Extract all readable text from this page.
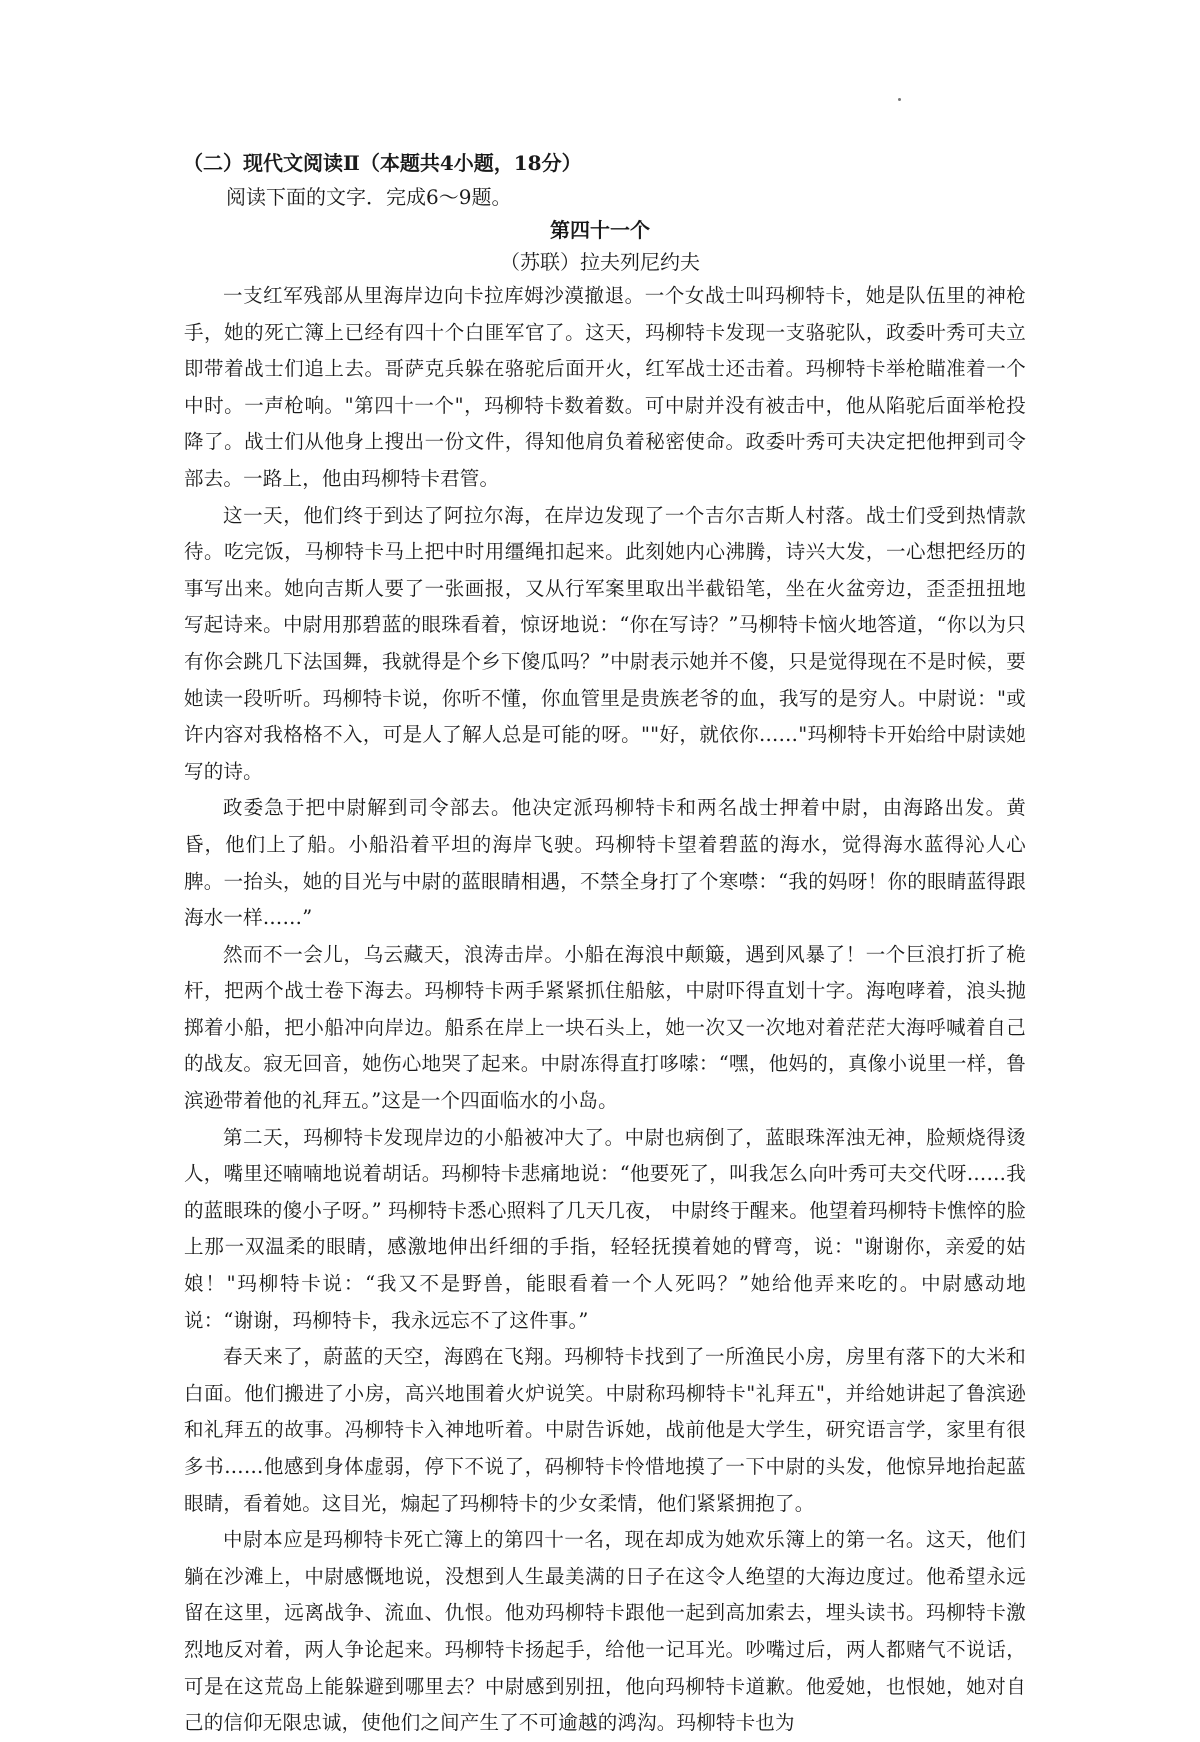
（二）现代文阅读Ⅱ（本题共4小题，18分）
阅读下面的文字．完成6～9题。
第四十一个
（苏联）拉夫列尼约夫

一支红军残部从里海岸边向卡拉库姆沙漠撤退。一个女战士叫玛柳特卡，她是队伍里的神枪手，她的死亡簿上已经有四十个白匪军官了。这天，玛柳特卡发现一支骆驼队，政委叶秀可夫立即带着战士们追上去。哥萨克兵躲在骆驼后面开火，红军战士还击着。玛柳特卡举枪瞄准着一个中时。一声枪响。"第四十一个"，玛柳特卡数着数。可中尉并没有被击中，他从陷驼后面举枪投降了。战士们从他身上搜出一份文件，得知他肩负着秘密使命。政委叶秀可夫决定把他押到司令部去。一路上，他由玛柳特卡君管。

这一天，他们终于到达了阿拉尔海，在岸边发现了一个吉尔吉斯人村落。战士们受到热情款待。吃完饭，马柳特卡马上把中时用缰绳扣起来。此刻她内心沸腾，诗兴大发，一心想把经历的事写出来。她向吉斯人要了一张画报，又从行军案里取出半截铅笔，坐在火盆旁边，歪歪扭扭地写起诗来。中尉用那碧蓝的眼珠看着，惊讶地说：“你在写诗？”马柳特卡恼火地答道，“你以为只有你会跳几下法国舞，我就得是个乡下傻瓜吗？”中尉表示她并不傻，只是觉得现在不是时候，要她读一段听听。玛柳特卡说，你听不懂，你血管里是贵族老爷的血，我写的是穷人。中尉说："或许内容对我格格不入，可是人了解人总是可能的呀。""好，就依你……"玛柳特卡开始给中尉读她写的诗。

政委急于把中尉解到司令部去。他决定派玛柳特卡和两名战士押着中尉，由海路出发。黄昏，他们上了船。小船沿着平坦的海岸飞驶。玛柳特卡望着碧蓝的海水，觉得海水蓝得沁人心脾。一抬头，她的目光与中尉的蓝眼睛相遇，不禁全身打了个寒噤：“我的妈呀！你的眼睛蓝得跟海水一样……”

然而不一会儿，乌云藏天，浪涛击岸。小船在海浪中颠簸，遇到风暴了！一个巨浪打折了桅杆，把两个战士卷下海去。玛柳特卡两手紧紧抓住船舷，中尉吓得直划十字。海咆哮着，浪头抛掷着小船，把小船冲向岸边。船系在岸上一块石头上，她一次又一次地对着茫茫大海呼喊着自己的战友。寂无回音，她伤心地哭了起来。中尉冻得直打哆嗦：“嘿，他妈的，真像小说里一样，鲁滨逊带着他的礼拜五。”这是一个四面临水的小岛。

第二天，玛柳特卡发现岸边的小船被冲大了。中尉也病倒了，蓝眼珠浑浊无神，脸颊烧得烫人，嘴里还喃喃地说着胡话。玛柳特卡悲痛地说：“他要死了，叫我怎么向叶秀可夫交代呀……我的蓝眼珠的傻小子呀。” 玛柳特卡悉心照料了几天几夜， 中尉终于醒来。他望着玛柳特卡憔悴的脸上那一双温柔的眼睛，感激地伸出纤细的手指，轻轻抚摸着她的臂弯，说："谢谢你，亲爱的姑娘！"玛柳特卡说：“我又不是野兽，能眼看着一个人死吗？”她给他弄来吃的。中尉感动地说：“谢谢，玛柳特卡，我永远忘不了这件事。”

春天来了，蔚蓝的天空，海鸥在飞翔。玛柳特卡找到了一所渔民小房，房里有落下的大米和白面。他们搬进了小房，高兴地围着火炉说笑。中尉称玛柳特卡"礼拜五"，并给她讲起了鲁滨逊和礼拜五的故事。冯柳特卡入神地听着。中尉告诉她，战前他是大学生，研究语言学，家里有很多书……他感到身体虚弱，停下不说了，码柳特卡怜惜地摸了一下中尉的头发，他惊异地抬起蓝眼睛，看着她。这目光，煽起了玛柳特卡的少女柔情，他们紧紧拥抱了。

中尉本应是玛柳特卡死亡簿上的第四十一名，现在却成为她欢乐簿上的第一名。这天，他们躺在沙滩上，中尉感慨地说，没想到人生最美满的日子在这令人绝望的大海边度过。他希望永远留在这里，远离战争、流血、仇恨。他劝玛柳特卡跟他一起到高加索去，埋头读书。玛柳特卡激烈地反对着，两人争论起来。玛柳特卡扬起手，给他一记耳光。吵嘴过后，两人都赌气不说话，可是在这荒岛上能躲避到哪里去？中尉感到别扭，他向玛柳特卡道歉。他爱她，也恨她，她对自己的信仰无限忠诚，使他们之间产生了不可逾越的鸿沟。玛柳特卡也为
